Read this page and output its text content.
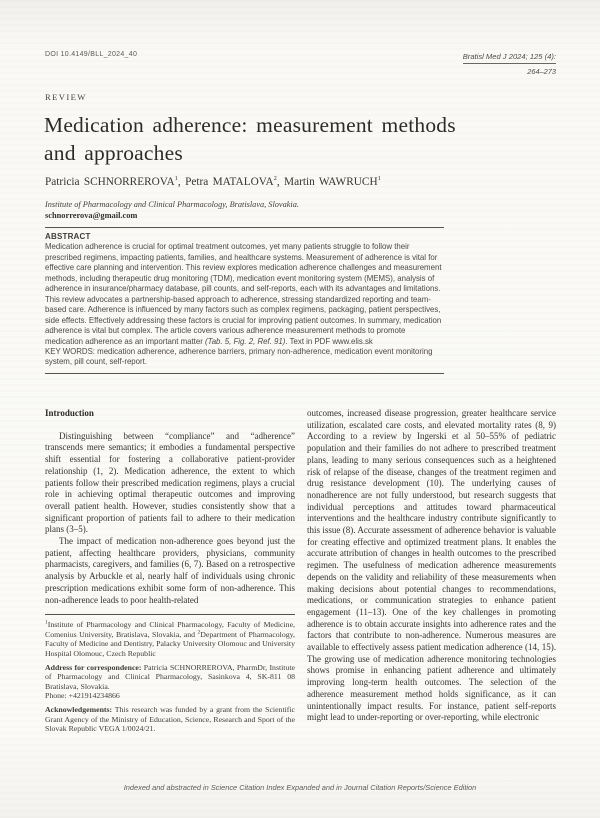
DOI 10.4149/BLL_2024_40	Bratisl Med J 2024; 125 (4):
264–273
REVIEW
Medication adherence: measurement methods
and approaches
Patricia SCHNORREROVA$^1$, Petra MATALOVA$^2$, Martin WAWRUCH$^1$
Institute of Pharmacology and Clinical Pharmacology, Bratislava, Slovakia.
schnorrerova@gmail.com
ABSTRACT

Medication adherence is crucial for optimal treatment outcomes, yet many patients struggle to follow their prescribed regimens, impacting patients, families, and healthcare systems. Measurement of adherence is vital for effective care planning and intervention. This review explores medication adherence challenges and measurement methods, including therapeutic drug monitoring (TDM), medication event monitoring system (MEMS), analysis of adherence in insurance/pharmacy database, pill counts, and self-reports, each with its advantages and limitations.

This review advocates a partnership-based approach to adherence, stressing standardized reporting and team-based care. Adherence is influenced by many factors such as complex regimens, packaging, patient perspectives, side effects. Effectively addressing these factors is crucial for improving patient outcomes. In summary, medication adherence is vital but complex. The article covers various adherence measurement methods to promote medication adherence as an important matter (Tab. 5, Fig. 2, Ref. 91). Text in PDF www.elis.sk

KEY WORDS: medication adherence, adherence barriers, primary non-adherence, medication event monitoring system, pill count, self-report.

Introduction

Distinguishing between “compliance” and “adherence” transcends mere semantics; it embodies a fundamental perspective shift essential for fostering a collaborative patient-provider relationship (1, 2). Medication adherence, the extent to which patients follow their prescribed medication regimens, plays a crucial role in achieving optimal therapeutic outcomes and improving overall patient health. However, studies consistently show that a significant proportion of patients fail to adhere to their medication plans (3–5).

The impact of medication non-adherence goes beyond just the patient, affecting healthcare providers, physicians, community pharmacists, caregivers, and families (6, 7). Based on a retrospective analysis by Arbuckle et al, nearly half of individuals using chronic prescription medications exhibit some form of non-adherence. This non-adherence leads to poor health-related

$^1$Institute of Pharmacology and Clinical Pharmacology, Faculty of Medicine, Comenius University, Bratislava, Slovakia, and $^2$Department of Pharmacology, Faculty of Medicine and Dentistry, Palacky University Olomouc and University Hospital Olomouc, Czech Republic

Address for correspondence: Patricia SCHNORREROVA, PharmDr, Institute of Pharmacology and Clinical Pharmacology, Sasinkova 4, SK-811 08 Bratislava, Slovakia.

Phone: +421914234866

Acknowledgements: This research was funded by a grant from the Scientific Grant Agency of the Ministry of Education, Science, Research and Sport of the Slovak Republic VEGA 1/0024/21.

outcomes, increased disease progression, greater healthcare service utilization, escalated care costs, and elevated mortality rates (8, 9) According to a review by Ingerski et al 50–55% of pediatric population and their families do not adhere to prescribed treatment plans, leading to many serious consequences such as a heightened risk of relapse of the disease, changes of the treatment regimen and drug resistance development (10). The underlying causes of nonadherence are not fully understood, but research suggests that individual perceptions and attitudes toward pharmaceutical interventions and the healthcare industry contribute significantly to this issue (8). Accurate assessment of adherence behavior is valuable for creating effective and optimized treatment plans. It enables the accurate attribution of changes in health outcomes to the prescribed regimen. The usefulness of medication adherence measurements depends on the validity and reliability of these measurements when making decisions about potential changes to recommendations, medications, or communication strategies to enhance patient engagement (11–13). One of the key challenges in promoting adherence is to obtain accurate insights into adherence rates and the factors that contribute to non-adherence. Numerous measures are available to effectively assess patient medication adherence (14, 15). The growing use of medication adherence monitoring technologies shows promise in enhancing patient adherence and ultimately improving long-term health outcomes. The selection of the adherence measurement method holds significance, as it can unintentionally impact results. For instance, patient self-reports might lead to under-reporting or over-reporting, while electronic

Indexed and abstracted in Science Citation Index Expanded and in Journal Citation Reports/Science Edition
